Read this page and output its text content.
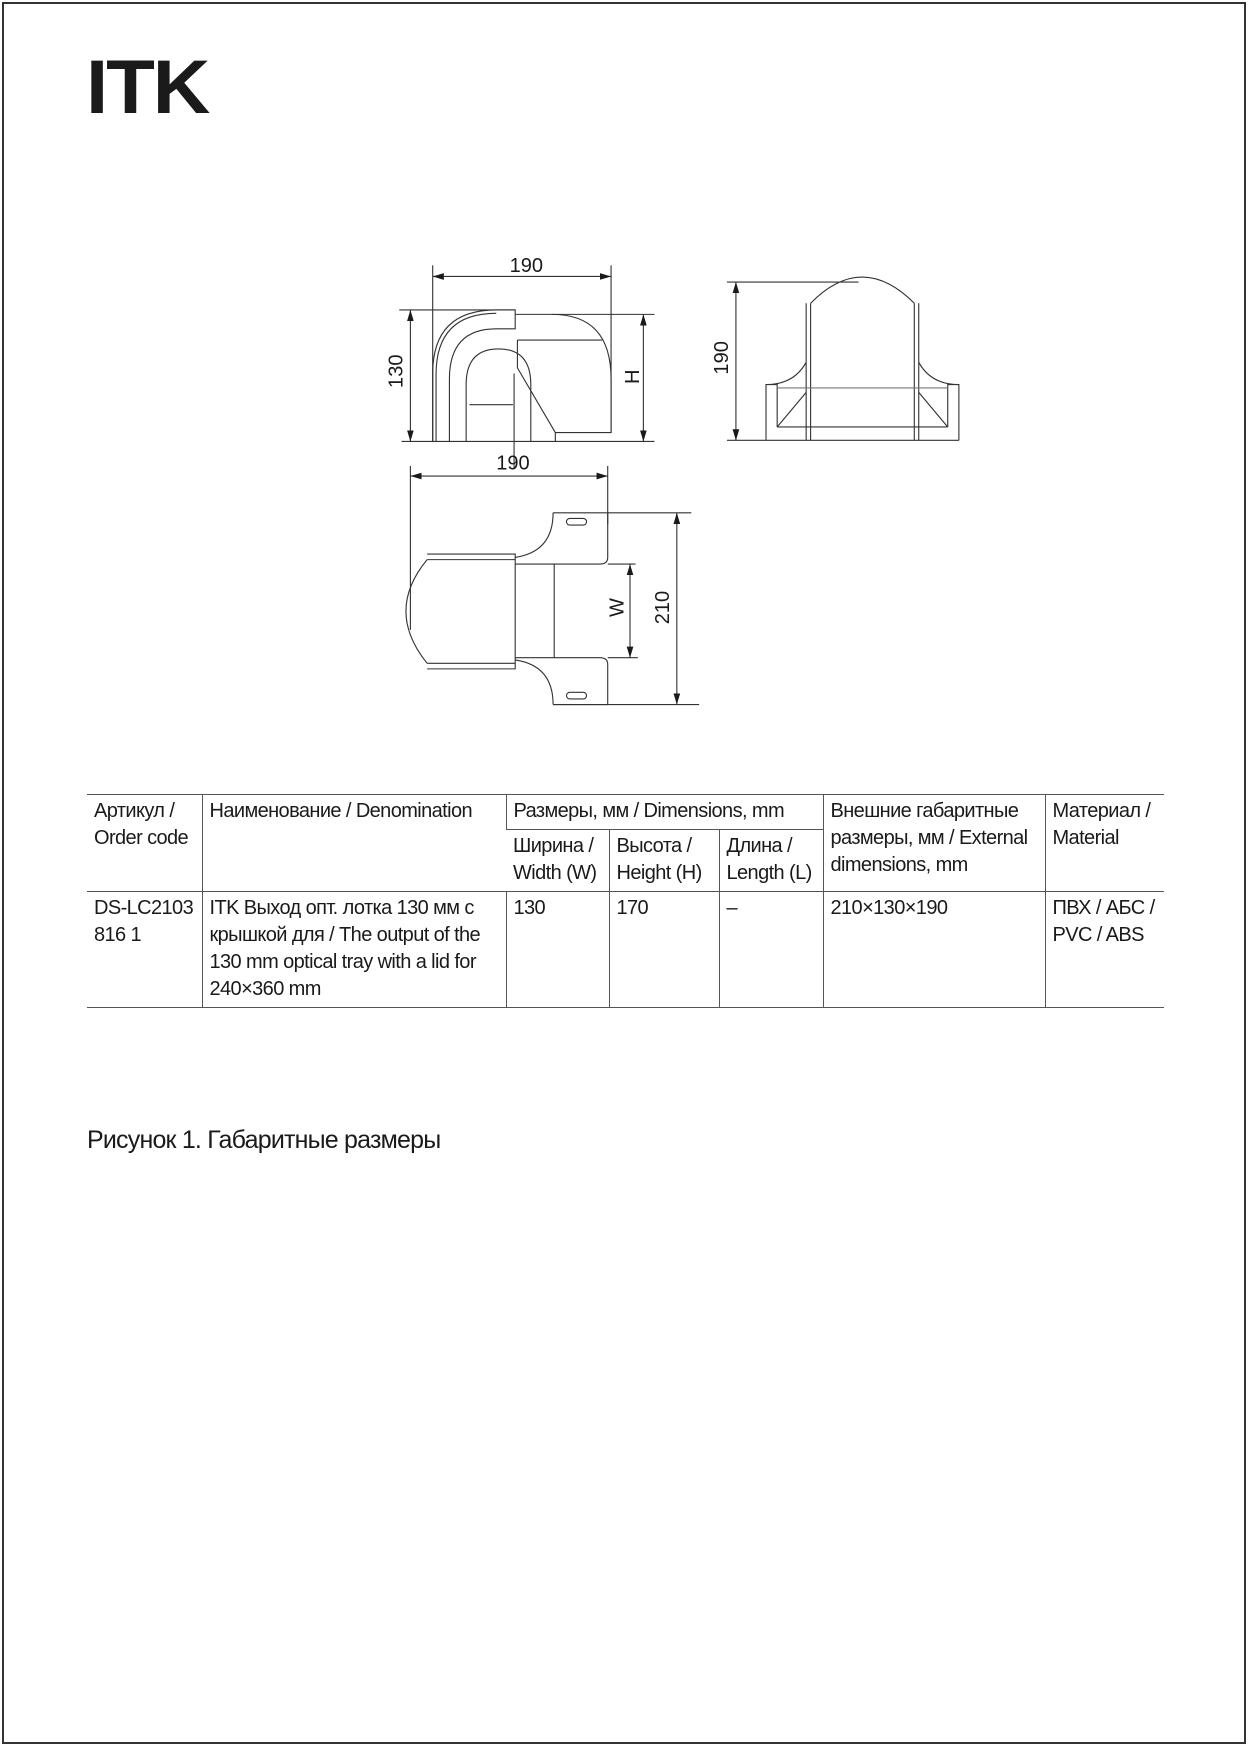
ITK
190
130	H
190
190
W 210
Артикул / Order code	Наименование / Denomination	Размеры, мм / Dimensions, mm			Внешние габаритные размеры, мм / External dimensions, mm	Материал / Material
		Ширина / Width (W)	Высота / Height (H)	Длина / Length (L)		
DS-LC2103816 1	ITK Выход опт. лотка 130 мм с крышкой для / The output of the 130 mm optical tray with a lid for 240×360 mm	130	170	–	210×130×190	ПВХ / АБС / PVC / ABS
Рисунок 1. Габаритные размеры
